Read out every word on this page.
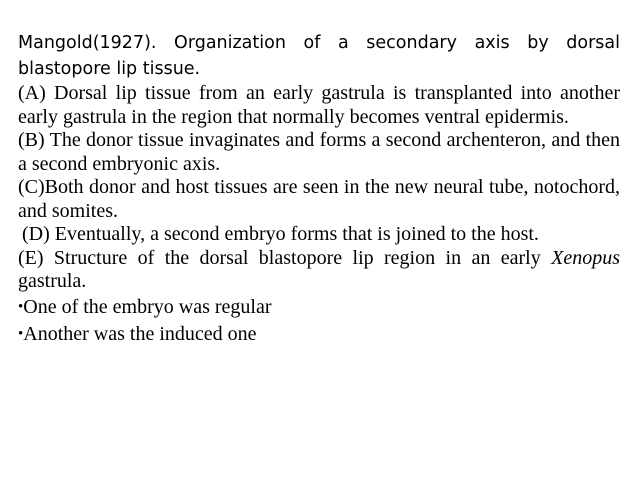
Mangold(1927). Organization of a secondary axis by dorsal blastopore lip tissue.

(A) Dorsal lip tissue from an early gastrula is transplanted into another early gastrula in the region that normally becomes ventral epidermis.

(B) The donor tissue invaginates and forms a second archenteron, and then a second embryonic axis.

(C)Both donor and host tissues are seen in the new neural tube, notochord, and somites.

(D) Eventually, a second embryo forms that is joined to the host.

(E) Structure of the dorsal blastopore lip region in an early Xenopus gastrula.

•One of the embryo was regular

•Another was the induced one
